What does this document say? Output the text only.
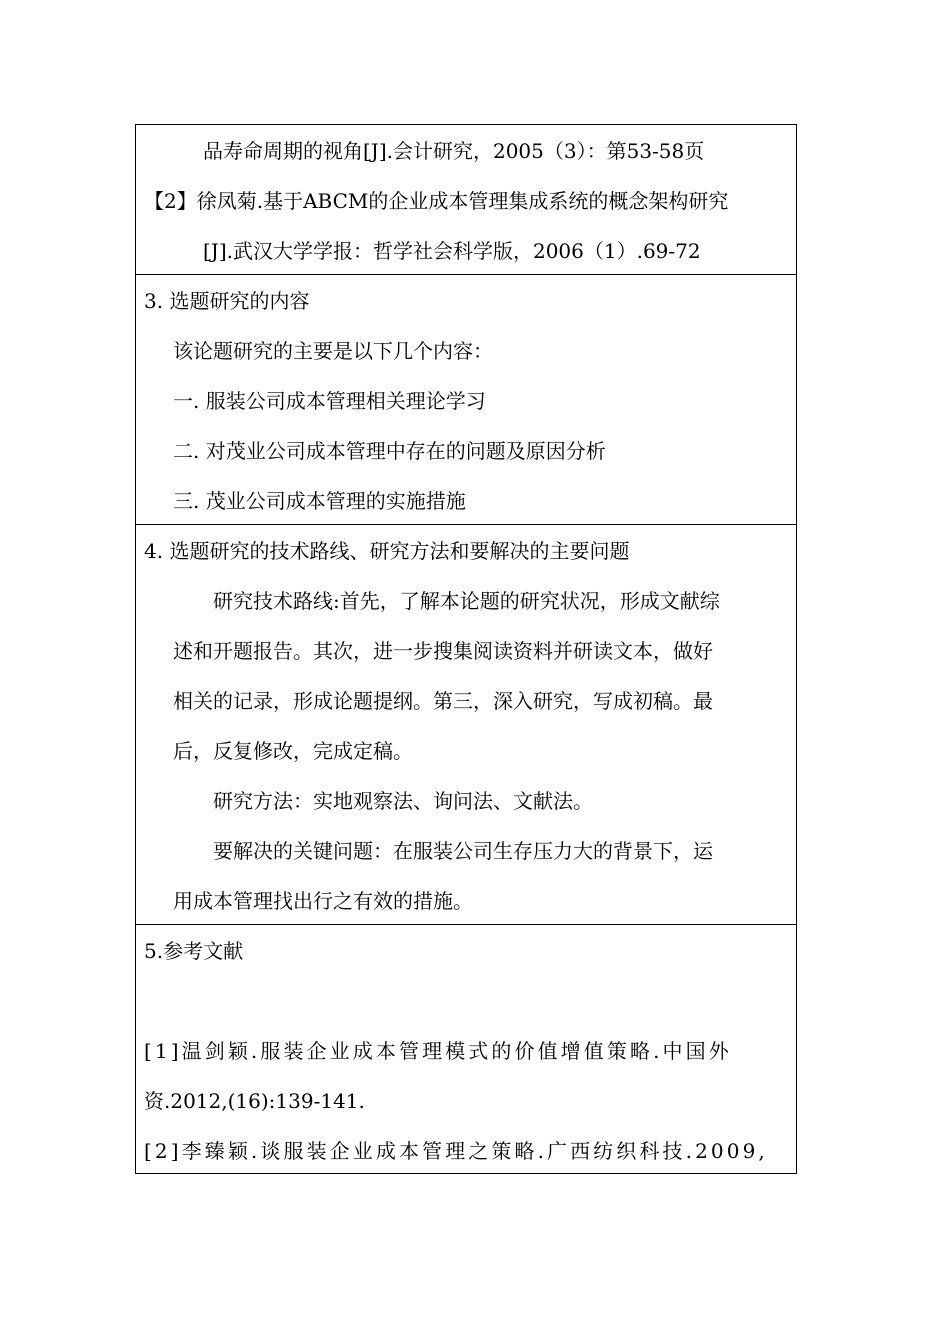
品寿命周期的视角[J].会计研究，2005（3）：第53-58页
【2】徐凤菊.基于ABCM的企业成本管理集成系统的概念架构研究
[J].武汉大学学报：哲学社会科学版，2006（1）.69-72
3. 选题研究的内容
该论题研究的主要是以下几个内容：
一. 服装公司成本管理相关理论学习
二. 对茂业公司成本管理中存在的问题及原因分析
三. 茂业公司成本管理的实施措施
4. 选题研究的技术路线、研究方法和要解决的主要问题
研究技术路线:首先，了解本论题的研究状况，形成文献综
述和开题报告。其次，进一步搜集阅读资料并研读文本，做好
相关的记录，形成论题提纲。第三，深入研究，写成初稿。最
后，反复修改，完成定稿。
研究方法：实地观察法、询问法、文献法。
要解决的关键问题：在服装公司生存压力大的背景下，运
用成本管理找出行之有效的措施。
5.参考文献
[1]温剑颖.服装企业成本管理模式的价值增值策略.中国外
资.2012,(16):139-141.
[2]李臻颖.谈服装企业成本管理之策略.广西纺织科技.2009,
